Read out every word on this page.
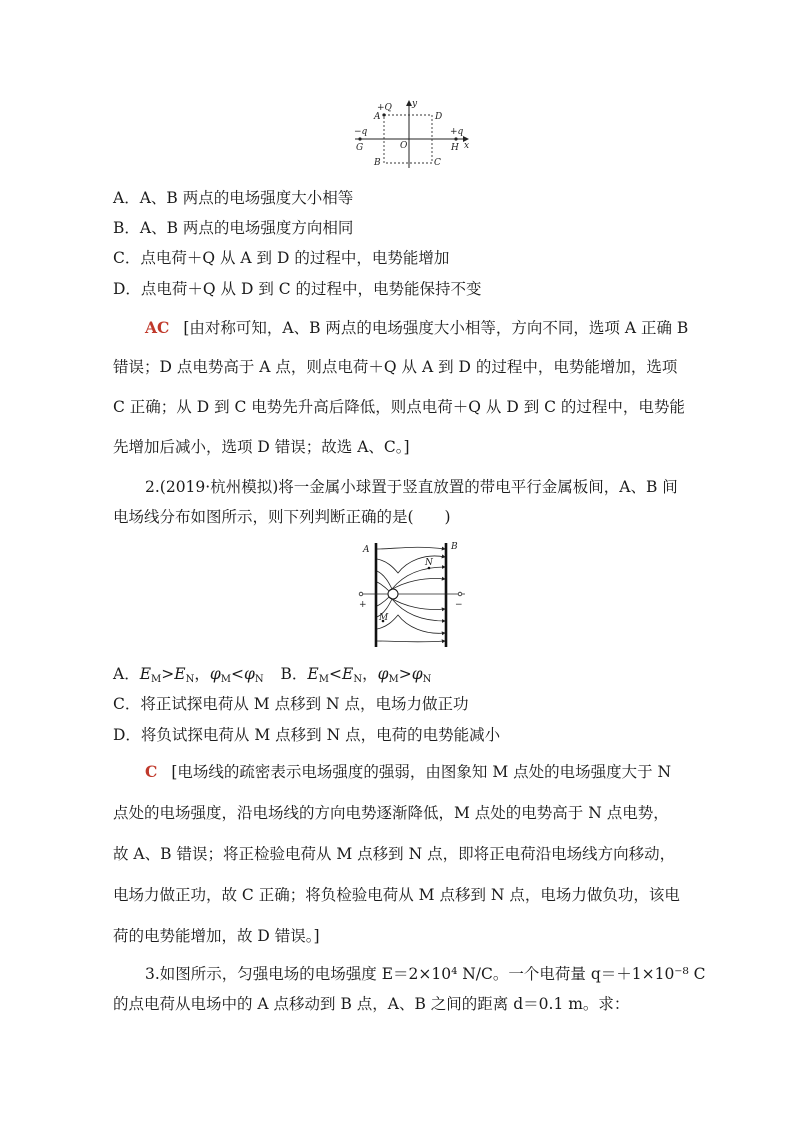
+Q y
A	D
−q	+q
O	x
G	H
B	C
A．A、B 两点的电场强度大小相等
B．A、B 两点的电场强度方向相同
C．点电荷＋Q 从 A 到 D 的过程中，电势能增加
D．点电荷＋Q 从 D 到 C 的过程中，电势能保持不变
AC [由对称可知，A、B 两点的电场强度大小相等，方向不同，选项 A 正确 B
错误；D 点电势高于 A 点，则点电荷＋Q 从 A 到 D 的过程中，电势能增加，选项
C 正确；从 D 到 C 电势先升高后降低，则点电荷＋Q 从 D 到 C 的过程中，电势能
先增加后减小，选项 D 错误；故选 A、C。]
2.(2019·杭州模拟)将一金属小球置于竖直放置的带电平行金属板间，A、B 间
电场线分布如图所示，则下列判断正确的是(　　)
A	B
N
M
+	−
A．$E_M>E_N$，$\varphi_M<\varphi_N$ B．$E_M<E_N$，$\varphi_M>\varphi_N$
C．将正试探电荷从 M 点移到 N 点，电场力做正功
D．将负试探电荷从 M 点移到 N 点，电荷的电势能减小
C [电场线的疏密表示电场强度的强弱，由图象知 M 点处的电场强度大于 N
点处的电场强度，沿电场线的方向电势逐渐降低，M 点处的电势高于 N 点电势，
故 A、B 错误；将正检验电荷从 M 点移到 N 点，即将正电荷沿电场线方向移动，
电场力做正功，故 C 正确；将负检验电荷从 M 点移到 N 点，电场力做负功，该电
荷的电势能增加，故 D 错误。]
3.如图所示，匀强电场的电场强度 E＝2×10⁴ N/C。一个电荷量 q＝＋1×10⁻⁸ C
的点电荷从电场中的 A 点移动到 B 点，A、B 之间的距离 d＝0.1 m。求：
